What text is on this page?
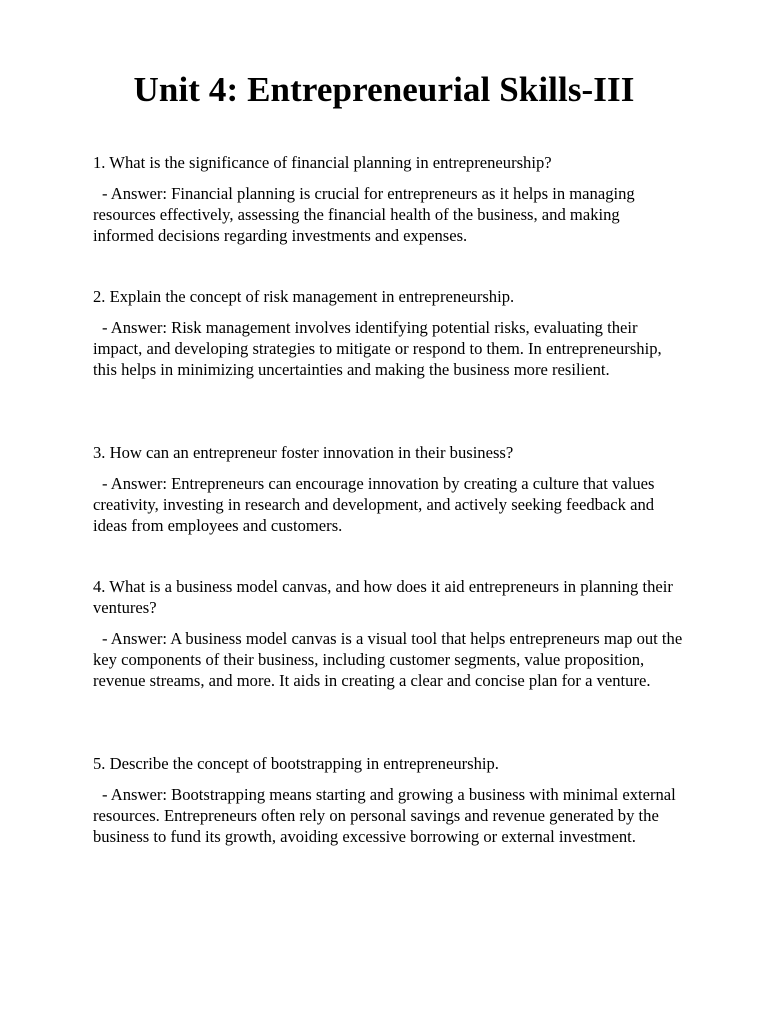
Unit 4: Entrepreneurial Skills-III

1. What is the significance of financial planning in entrepreneurship?

- Answer: Financial planning is crucial for entrepreneurs as it helps in managing resources effectively, assessing the financial health of the business, and making informed decisions regarding investments and expenses.

2. Explain the concept of risk management in entrepreneurship.

- Answer: Risk management involves identifying potential risks, evaluating their impact, and developing strategies to mitigate or respond to them. In entrepreneurship, this helps in minimizing uncertainties and making the business more resilient.

3. How can an entrepreneur foster innovation in their business?

- Answer: Entrepreneurs can encourage innovation by creating a culture that values creativity, investing in research and development, and actively seeking feedback and ideas from employees and customers.

4. What is a business model canvas, and how does it aid entrepreneurs in planning their ventures?

- Answer: A business model canvas is a visual tool that helps entrepreneurs map out the key components of their business, including customer segments, value proposition, revenue streams, and more. It aids in creating a clear and concise plan for a venture.

5. Describe the concept of bootstrapping in entrepreneurship.

- Answer: Bootstrapping means starting and growing a business with minimal external resources. Entrepreneurs often rely on personal savings and revenue generated by the business to fund its growth, avoiding excessive borrowing or external investment.
